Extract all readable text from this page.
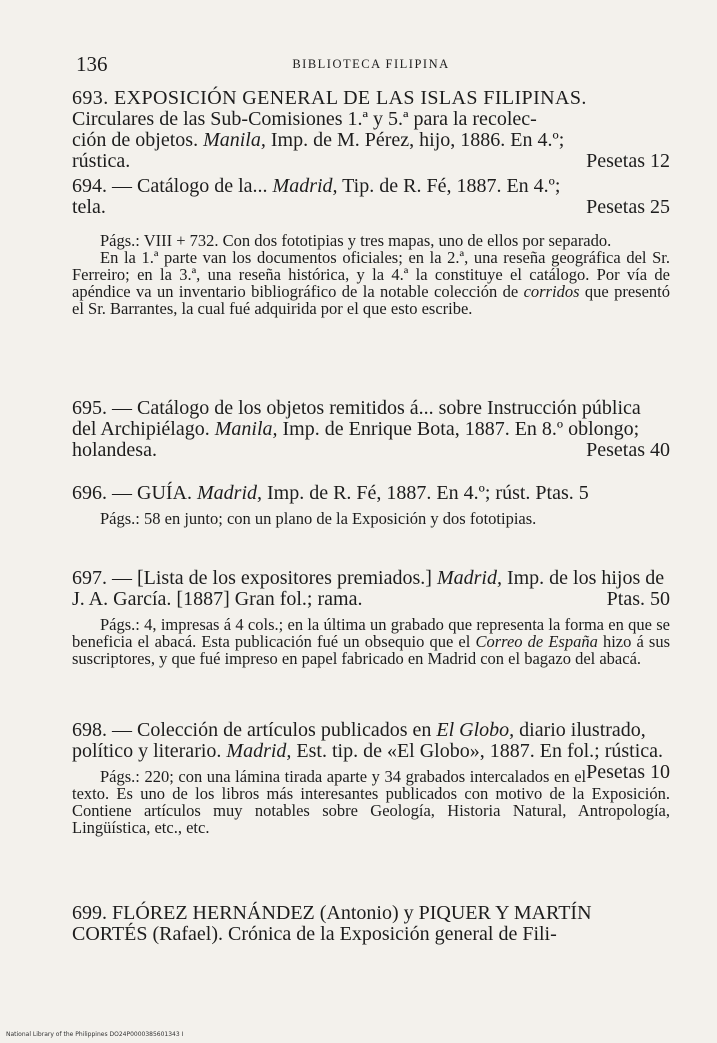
136	BIBLIOTECA FILIPINA

693. EXPOSICIÓN GENERAL DE LAS ISLAS FILIPINAS.

Circulares de las Sub-Comisiones 1.ª y 5.ª para la recolec-

ción de objetos. Manila, Imp. de M. Pérez, hijo, 1886. En 4.º;

rústica.	Pesetas 12

694. — Catálogo de la... Madrid, Tip. de R. Fé, 1887. En 4.º;

tela.	Pesetas 25

Págs.: VIII + 732. Con dos fototipias y tres mapas, uno de ellos por separado.

En la 1.ª parte van los documentos oficiales; en la 2.ª, una reseña geográfica del Sr. Ferreiro; en la 3.ª, una reseña histórica, y la 4.ª la constituye el catálogo. Por vía de apéndice va un inventario bibliográfico de la notable colección de corridos que presentó el Sr. Barrantes, la cual fué adquirida por el que esto escribe.

695. — Catálogo de los objetos remitidos á... sobre Instrucción pública del Archipiélago. Manila, Imp. de Enrique Bota, 1887. En 8.º oblongo; holandesa.	Pesetas 40

696. — GUÍA. Madrid, Imp. de R. Fé, 1887. En 4.º; rúst. Ptas. 5

Págs.: 58 en junto; con un plano de la Exposición y dos fototipias.

697. — [Lista de los expositores premiados.] Madrid, Imp. de los hijos de J. A. García. [1887] Gran fol.; rama.	Ptas. 50

Págs.: 4, impresas á 4 cols.; en la última un grabado que representa la forma en que se beneficia el abacá. Esta publicación fué un obsequio que el Correo de España hizo á sus suscriptores, y que fué impreso en papel fabricado en Madrid con el bagazo del abacá.

698. — Colección de artículos publicados en El Globo, diario ilustrado, político y literario. Madrid, Est. tip. de «El Globo», 1887. En fol.; rústica.
Pesetas 10

Págs.: 220; con una lámina tirada aparte y 34 grabados intercalados en el texto. Es uno de los libros más interesantes publicados con motivo de la Exposición. Contiene artículos muy notables sobre Geología, Historia Natural, Antropología, Lingüística, etc., etc.

699. FLÓREZ HERNÁNDEZ (Antonio) y PIQUER Y MARTÍN CORTÉS (Rafael). Crónica de la Exposición general de Fili-

National Library of the Philippines DO24P0000385601343 I
